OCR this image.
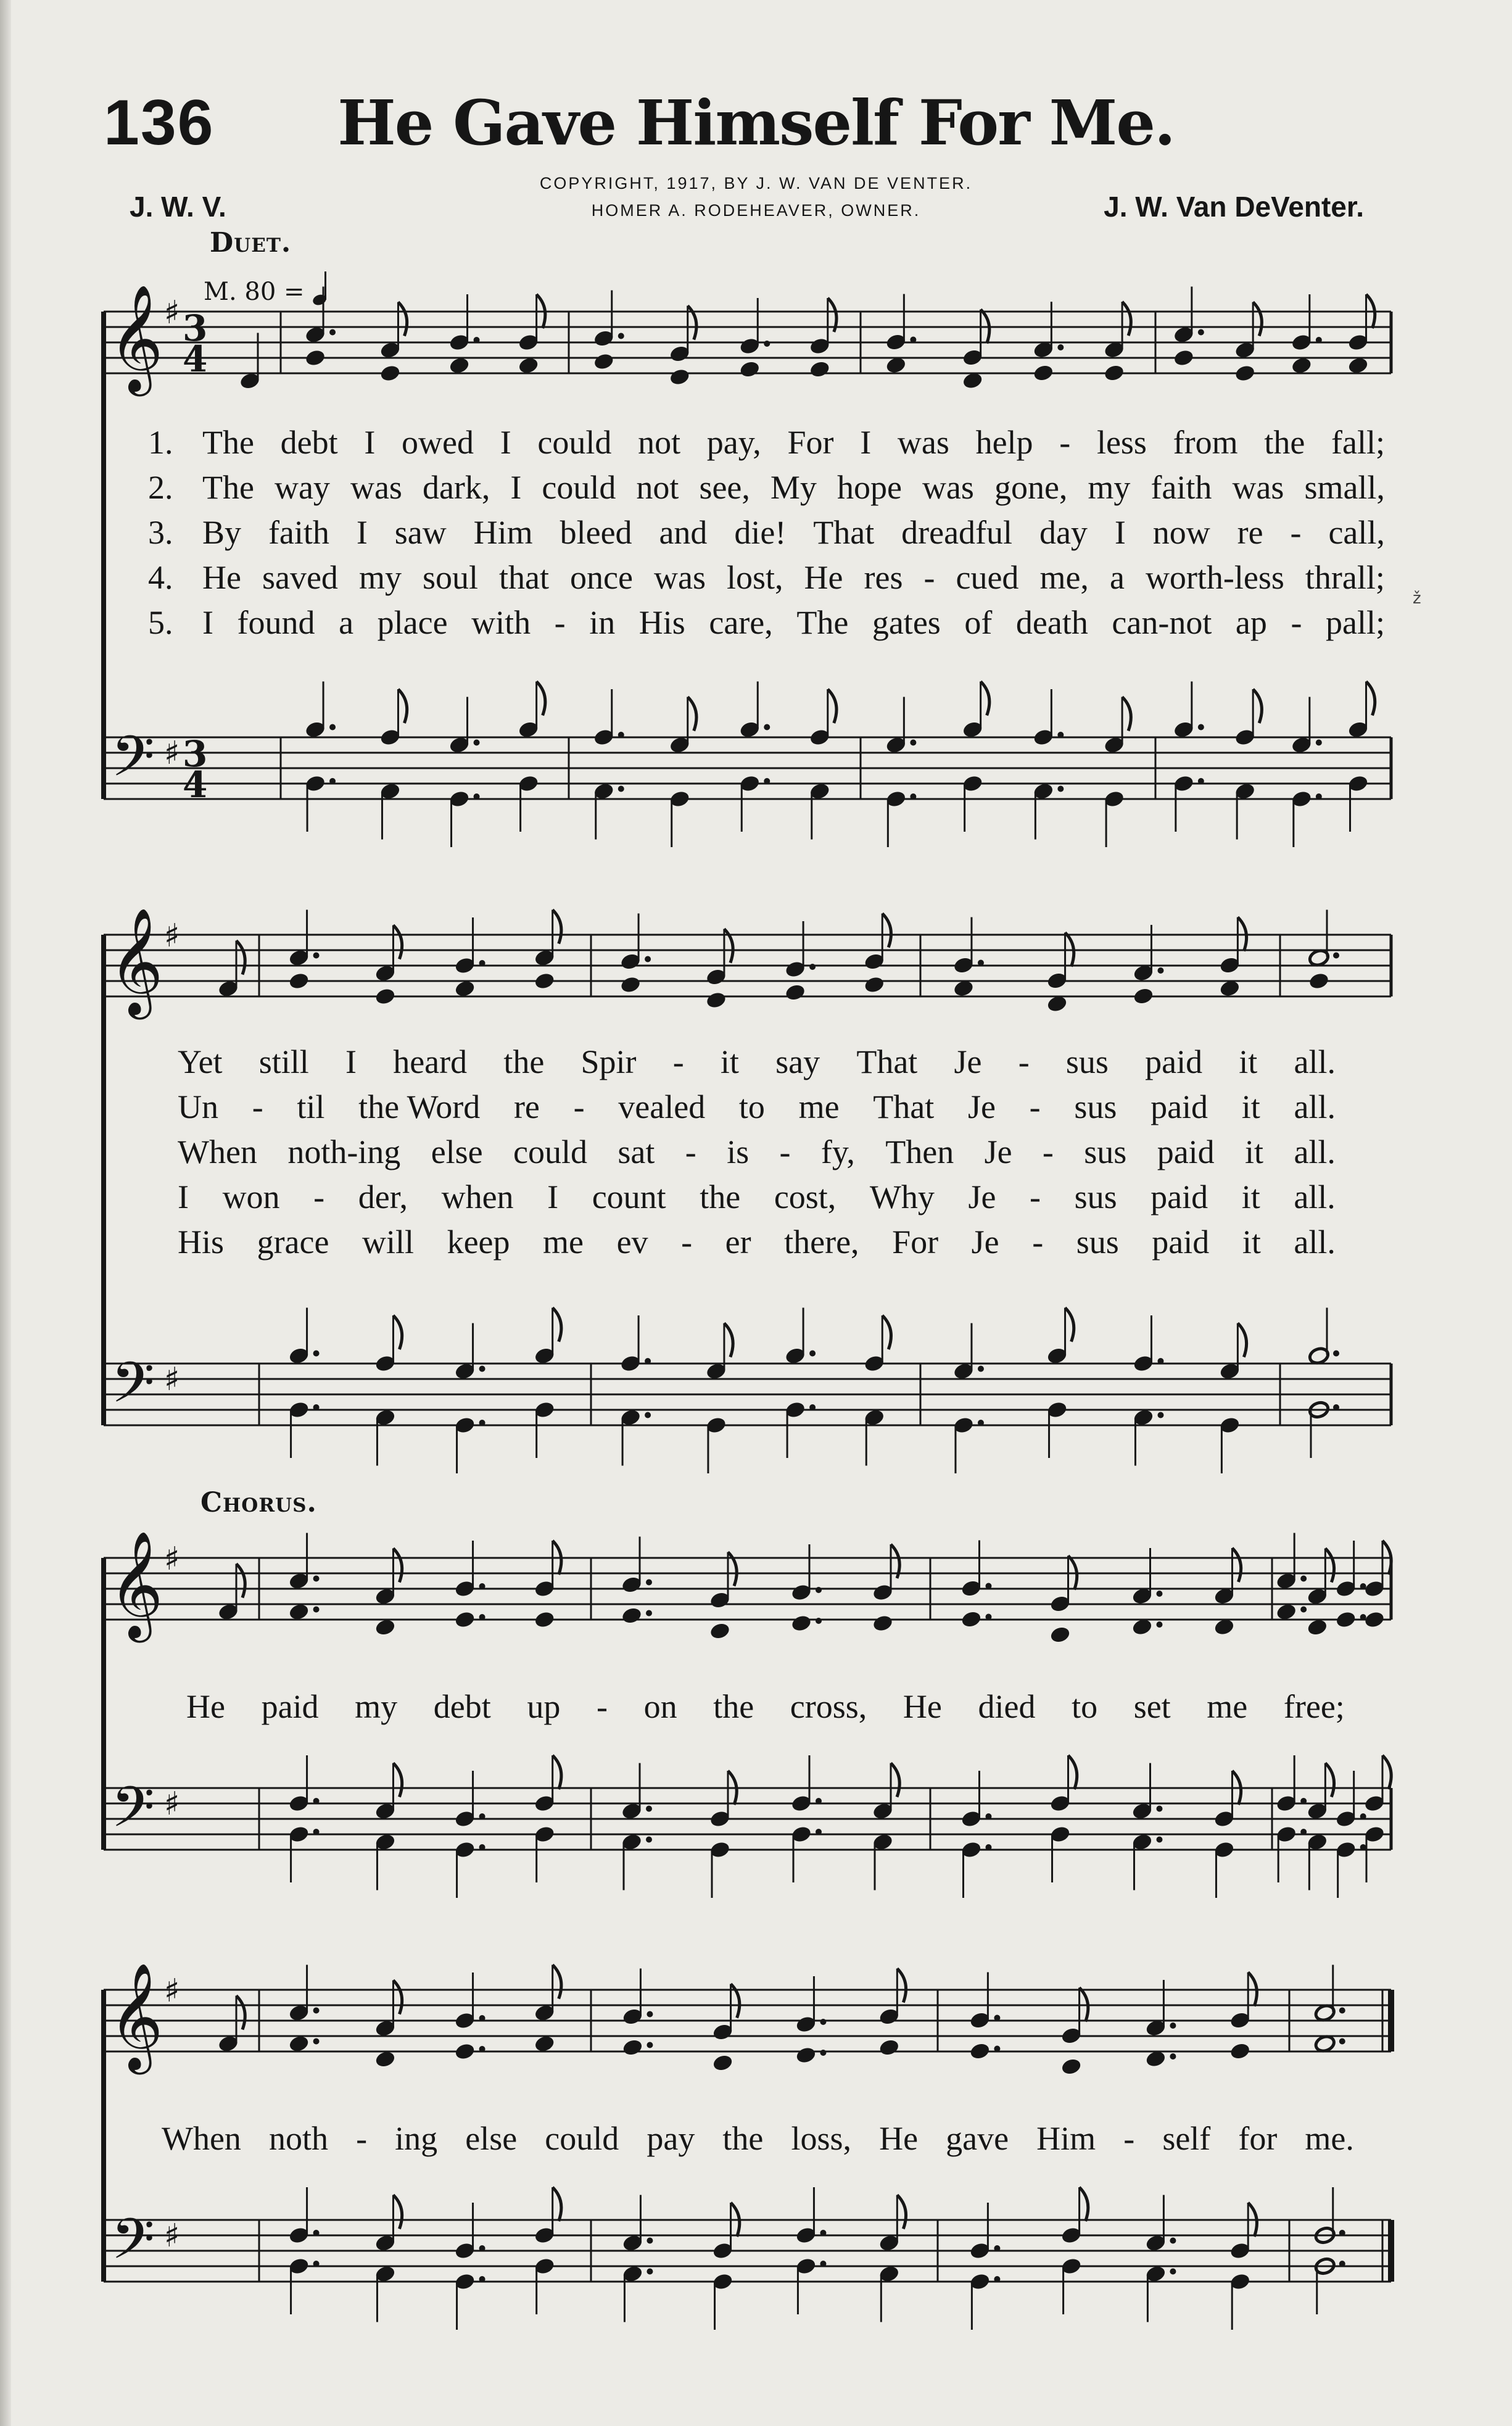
136	He Gave Himself For Me.
COPYRIGHT, 1917, BY J. W. VAN DE VENTER.
HOMER A. RODEHEAVER, OWNER.
J. W. V.	J. W. Van DeVenter.
Duet.
M. 80 =
Chorus.
ž
𝄞
𝄢
♯
♯
3
4
3
4
𝄞
𝄢
♯
♯
𝄞
𝄢
♯
♯
𝄞
𝄢
♯
♯
1. The debt I owed I could not pay, For I was help - less from the fall;
2. The way was dark, I could not see, My hope was gone, my faith was small,
3. By faith I saw Him bleed and die! That dreadful day I now re - call,
4. He saved my soul that once was lost, He res - cued me, a worth-less thrall;
5. I found a place with - in His care, The gates of death can-not ap - pall;
Yet still I heard the Spir - it say That Je - sus paid it all.
Un - til the Word re - vealed to me That Je - sus paid it all.
When noth-ing else could sat - is - fy, Then Je - sus paid it all.
I won - der, when I count the cost, Why Je - sus paid it all.
His grace will keep me ev - er there, For Je - sus paid it all.
He paid my debt up - on the cross, He died to set me free;
When noth - ing else could pay the loss, He gave Him - self for me.
